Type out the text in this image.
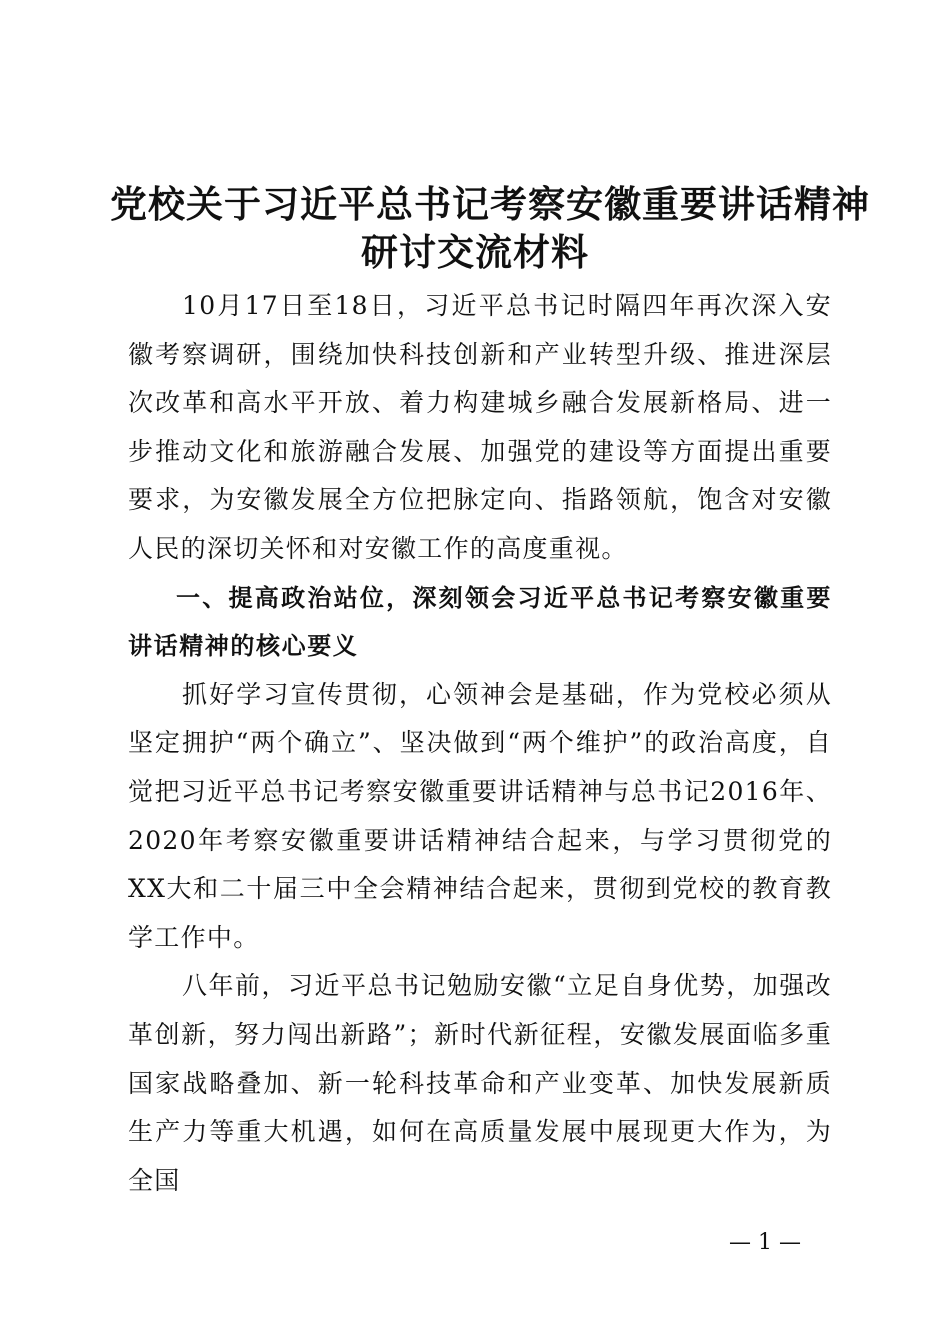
党校关于习近平总书记考察安徽重要讲话精神
研讨交流材料

10月17日至18日，习近平总书记时隔四年再次深入安徽考察调研，围绕加快科技创新和产业转型升级、推进深层次改革和高水平开放、着力构建城乡融合发展新格局、进一步推动文化和旅游融合发展、加强党的建设等方面提出重要要求，为安徽发展全方位把脉定向、指路领航，饱含对安徽人民的深切关怀和对安徽工作的高度重视。

一、提高政治站位，深刻领会习近平总书记考察安徽重要讲话精神的核心要义

抓好学习宣传贯彻，心领神会是基础，作为党校必须从坚定拥护“两个确立”、坚决做到“两个维护”的政治高度，自觉把习近平总书记考察安徽重要讲话精神与总书记2016年、2020年考察安徽重要讲话精神结合起来，与学习贯彻党的XX大和二十届三中全会精神结合起来，贯彻到党校的教育教学工作中。

八年前，习近平总书记勉励安徽“立足自身优势，加强改革创新，努力闯出新路”；新时代新征程，安徽发展面临多重国家战略叠加、新一轮科技革命和产业变革、加快发展新质生产力等重大机遇，如何在高质量发展中展现更大作为，为全国

— 1 —
